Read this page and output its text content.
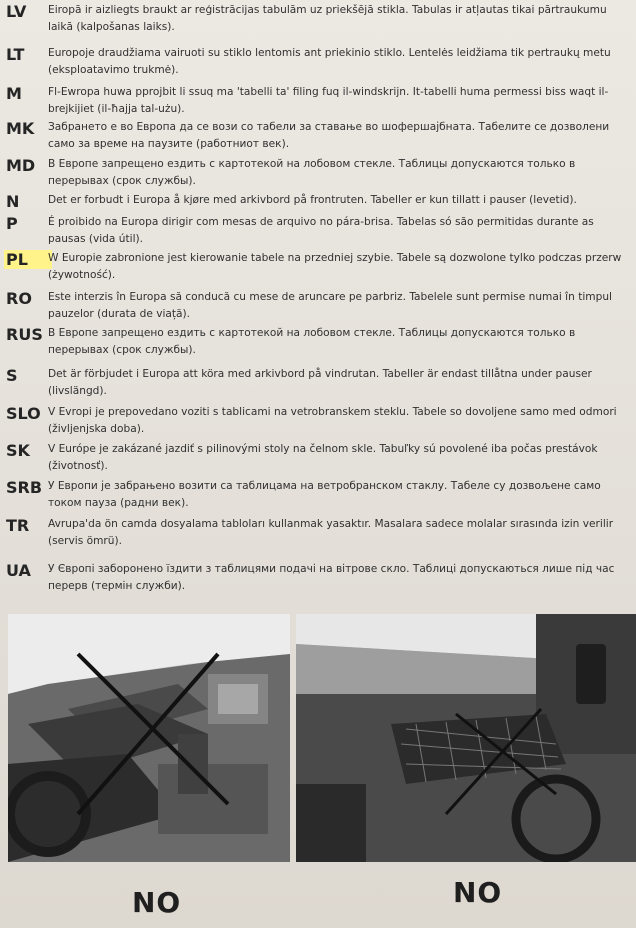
LV	Eiropā ir aizliegts braukt ar reģistrācijas tabulām uz priekšējā stikla. Tabulas ir atļautas tikai pārtraukumu laikā (kalpošanas laiks).
LT	Europoje draudžiama vairuoti su stiklo lentomis ant priekinio stiklo. Lentelės leidžiama tik pertraukų metu (eksploatavimo trukmė).
M	Fl-Ewropa huwa pprojbit li ssuq ma 'tabelli ta' filing fuq il-windskrijn. It-tabelli huma permessi biss waqt il-brejkijiet (il-ħajja tal-użu).
MK	Забрането е во Европа да се вози со табели за ставање во шофершајбната. Табелите се дозволени само за време на паузите (работниот век).
MD	В Европе запрещено ездить с картотекой на лобовом стекле. Таблицы допускаются только в перерывах (срок службы).
N	Det er forbudt i Europa å kjøre med arkivbord på frontruten. Tabeller er kun tillatt i pauser (levetid).
P	É proibido na Europa dirigir com mesas de arquivo no pára-brisa. Tabelas só são permitidas durante as pausas (vida útil).
PL	W Europie zabronione jest kierowanie tabele na przedniej szybie. Tabele są dozwolone tylko podczas przerw (żywotność).
RO	Este interzis în Europa să conducă cu mese de aruncare pe parbriz. Tabelele sunt permise numai în timpul pauzelor (durata de viață).
RUS В Европе запрещено ездить с картотекой на лобовом стекле. Таблицы допускаются только в перерывах (срок службы).
S	Det är förbjudet i Europa att köra med arkivbord på vindrutan. Tabeller är endast tillåtna under pauser (livslängd).
SLO V Evropi je prepovedano voziti s tablicami na vetrobranskem steklu. Tabele so dovoljene samo med odmori (življenjska doba).
SK	V Európe je zakázané jazdiť s pilinovými stoly na čelnom skle. Tabuľky sú povolené iba počas prestávok (životnosť).
SRB У Европи је забрањено возити са таблицама на ветробранском стаклу. Табеле су дозвољене само током пауза (радни век).
TR	Avrupa'da ön camda dosyalama tabloları kullanmak yasaktır. Masalara sadece molalar sırasında izin verilir (servis ömrü).
UA	У Європі заборонено їздити з таблицями подачі на вітрове скло. Таблиці допускаються лише під час перерв (термін служби).
NO	NO
